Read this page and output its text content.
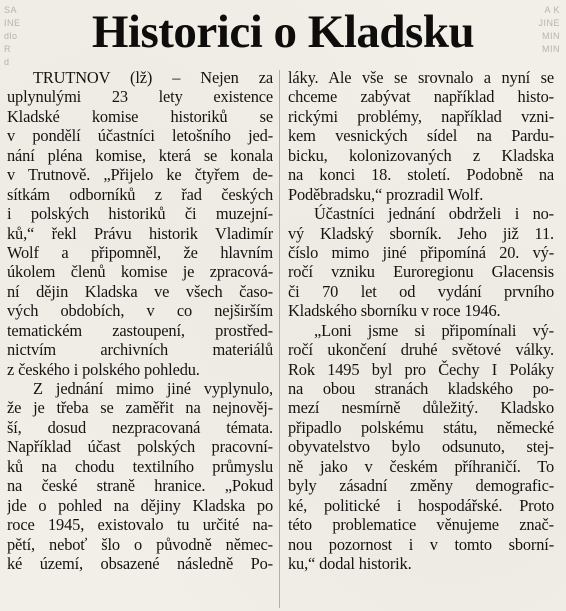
SA
INE
dlo
R
d
A K
JINE
MIN
MIN
Historici o Kladsku
TRUTNOV (lž) – Nejen za
uplynulými 23 lety existence
Kladské komise historiků se
v pondělí účastníci letošního jed-
nání pléna komise, která se konala
v Trutnově. „Přijelo ke čtyřem de-
sítkám odborníků z řad českých
i polských historiků či muzejní-
ků,“ řekl Právu historik Vladimír
Wolf a připomněl, že hlavním
úkolem členů komise je zpracová-
ní dějin Kladska ve všech časo-
vých obdobích, v co nejširším
tematickém zastoupení, prostřed-
nictvím archivních materiálů
z českého i polského pohledu.
Z jednání mimo jiné vyplynulo,
že je třeba se zaměřit na nejnověj-
ší, dosud nezpracovaná témata.
Například účast polských pracovní-
ků na chodu textilního průmyslu
na české straně hranice. „Pokud
jde o pohled na dějiny Kladska po
roce 1945, existovalo tu určité na-
pětí, neboť šlo o původně němec-
ké území, obsazené následně Po-
láky. Ale vše se srovnalo a nyní se
chceme zabývat například histo-
rickými problémy, například vzni-
kem vesnických sídel na Pardu-
bicku, kolonizovaných z Kladska
na konci 18. století. Podobně na
Poděbradsku,“ prozradil Wolf.
Účastníci jednání obdrželi i no-
vý Kladský sborník. Jeho již 11.
číslo mimo jiné připomíná 20. vý-
ročí vzniku Euroregionu Glacensis
či 70 let od vydání prvního
Kladského sborníku v roce 1946.
„Loni jsme si připomínali vý-
ročí ukončení druhé světové války.
Rok 1495 byl pro Čechy I Poláky
na obou stranách kladského po-
mezí nesmírně důležitý. Kladsko
připadlo polskému státu, německé
obyvatelstvo bylo odsunuto, stej-
ně jako v českém příhraničí. To
byly zásadní změny demografic-
ké, politické i hospodářské. Proto
této problematice věnujeme znač-
nou pozornost i v tomto sborní-
ku,“ dodal historik.
